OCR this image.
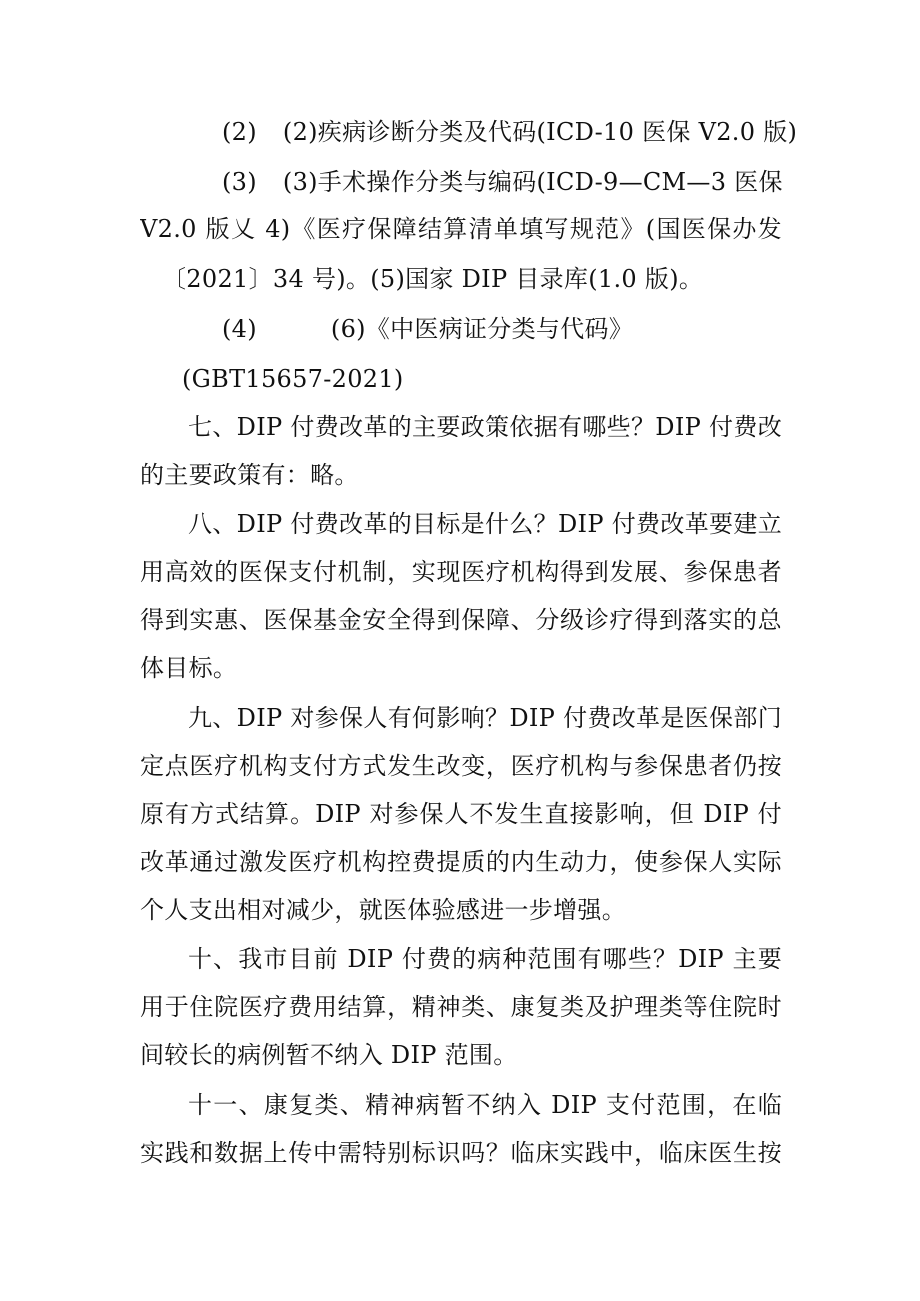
(2) (2)疾病诊断分类及代码(ICD-10 医保 V2.0 版)
(3) (3)手术操作分类与编码(ICD-9—CM—3 医保
V2.0 版乂 4)《医疗保障结算清单填写规范》(国医保办发
〔2021〕34 号)。(5)国家 DIP 目录库(1.0 版)。
(4)	(6)《中医病证分类与代码》
(GBT15657-2021)
七、DIP 付费改革的主要政策依据有哪些？DIP 付费改
的主要政策有：略。
八、DIP 付费改革的目标是什么？DIP 付费改革要建立
用高效的医保支付机制，实现医疗机构得到发展、参保患者
得到实惠、医保基金安全得到保障、分级诊疗得到落实的总
体目标。
九、DIP 对参保人有何影响？DIP 付费改革是医保部门
定点医疗机构支付方式发生改变，医疗机构与参保患者仍按
原有方式结算。DIP 对参保人不发生直接影响，但 DIP 付
改革通过激发医疗机构控费提质的内生动力，使参保人实际
个人支出相对减少，就医体验感进一步增强。
十、我市目前 DIP 付费的病种范围有哪些？DIP 主要
用于住院医疗费用结算，精神类、康复类及护理类等住院时
间较长的病例暂不纳入 DIP 范围。
十一、康复类、精神病暂不纳入 DIP 支付范围，在临
实践和数据上传中需特别标识吗？临床实践中，临床医生按
